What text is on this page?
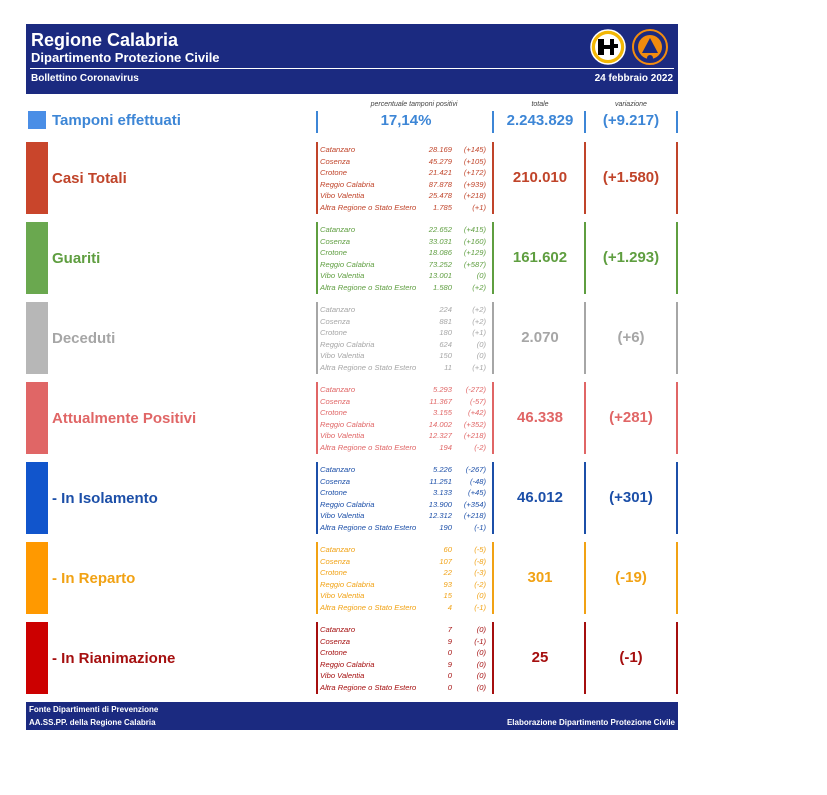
Regione Calabria
Dipartimento Protezione Civile
Bollettino Coronavirus	24 febbraio 2022
percentuale tamponi positivi	totale	variazione
Tamponi effettuati	17,14%	2.243.829	(+9.217)
Casi Totali
Catanzaro	28.169 (+145)
Cosenza	45.279 (+105)
Crotone	21.421 (+172)
Reggio Calabria	87.878 (+939)
Vibo Valentia	25.478 (+218)
Altra Regione o Stato Estero 1.785	(+1)
210.010	(+1.580)
Guariti
Catanzaro	22.652 (+415)
Cosenza	33.031 (+160)
Crotone	18.086 (+129)
Reggio Calabria	73.252 (+587)
Vibo Valentia	13.001	(0)
Altra Regione o Stato Estero 1.580	(+2)
161.602	(+1.293)
Deceduti
Catanzaro	224	(+2)
Cosenza	881	(+2)
Crotone	180	(+1)
Reggio Calabria	624	(0)
Vibo Valentia	150	(0)
Altra Regione o Stato Estero	11	(+1)
2.070	(+6)
Attualmente Positivi
Catanzaro	5.293 (-272)
Cosenza	11.367 (-57)
Crotone	3.155 (+42)
Reggio Calabria	14.002 (+352)
Vibo Valentia	12.327 (+218)
Altra Regione o Stato Estero	194	(-2)
46.338	(+281)
- In Isolamento
Catanzaro	5.226 (-267)
Cosenza	11.251 (-48)
Crotone	3.133 (+45)
Reggio Calabria	13.900 (+354)
Vibo Valentia	12.312 (+218)
Altra Regione o Stato Estero	190	(-1)
46.012	(+301)
- In Reparto
Catanzaro	60	(-5)
Cosenza	107	(-8)
Crotone	22	(-3)
Reggio Calabria	93	(-2)
Vibo Valentia	15	(0)
Altra Regione o Stato Estero	4	(-1)
301	(-19)
- In Rianimazione
Catanzaro	7	(0)
Cosenza	9	(-1)
Crotone	0	(0)
Reggio Calabria	9	(0)
Vibo Valentia	0	(0)
Altra Regione o Stato Estero	0	(0)
25	(-1)
Fonte Dipartimenti di Prevenzione
AA.SS.PP. della Regione Calabria	Elaborazione Dipartimento Protezione Civile
